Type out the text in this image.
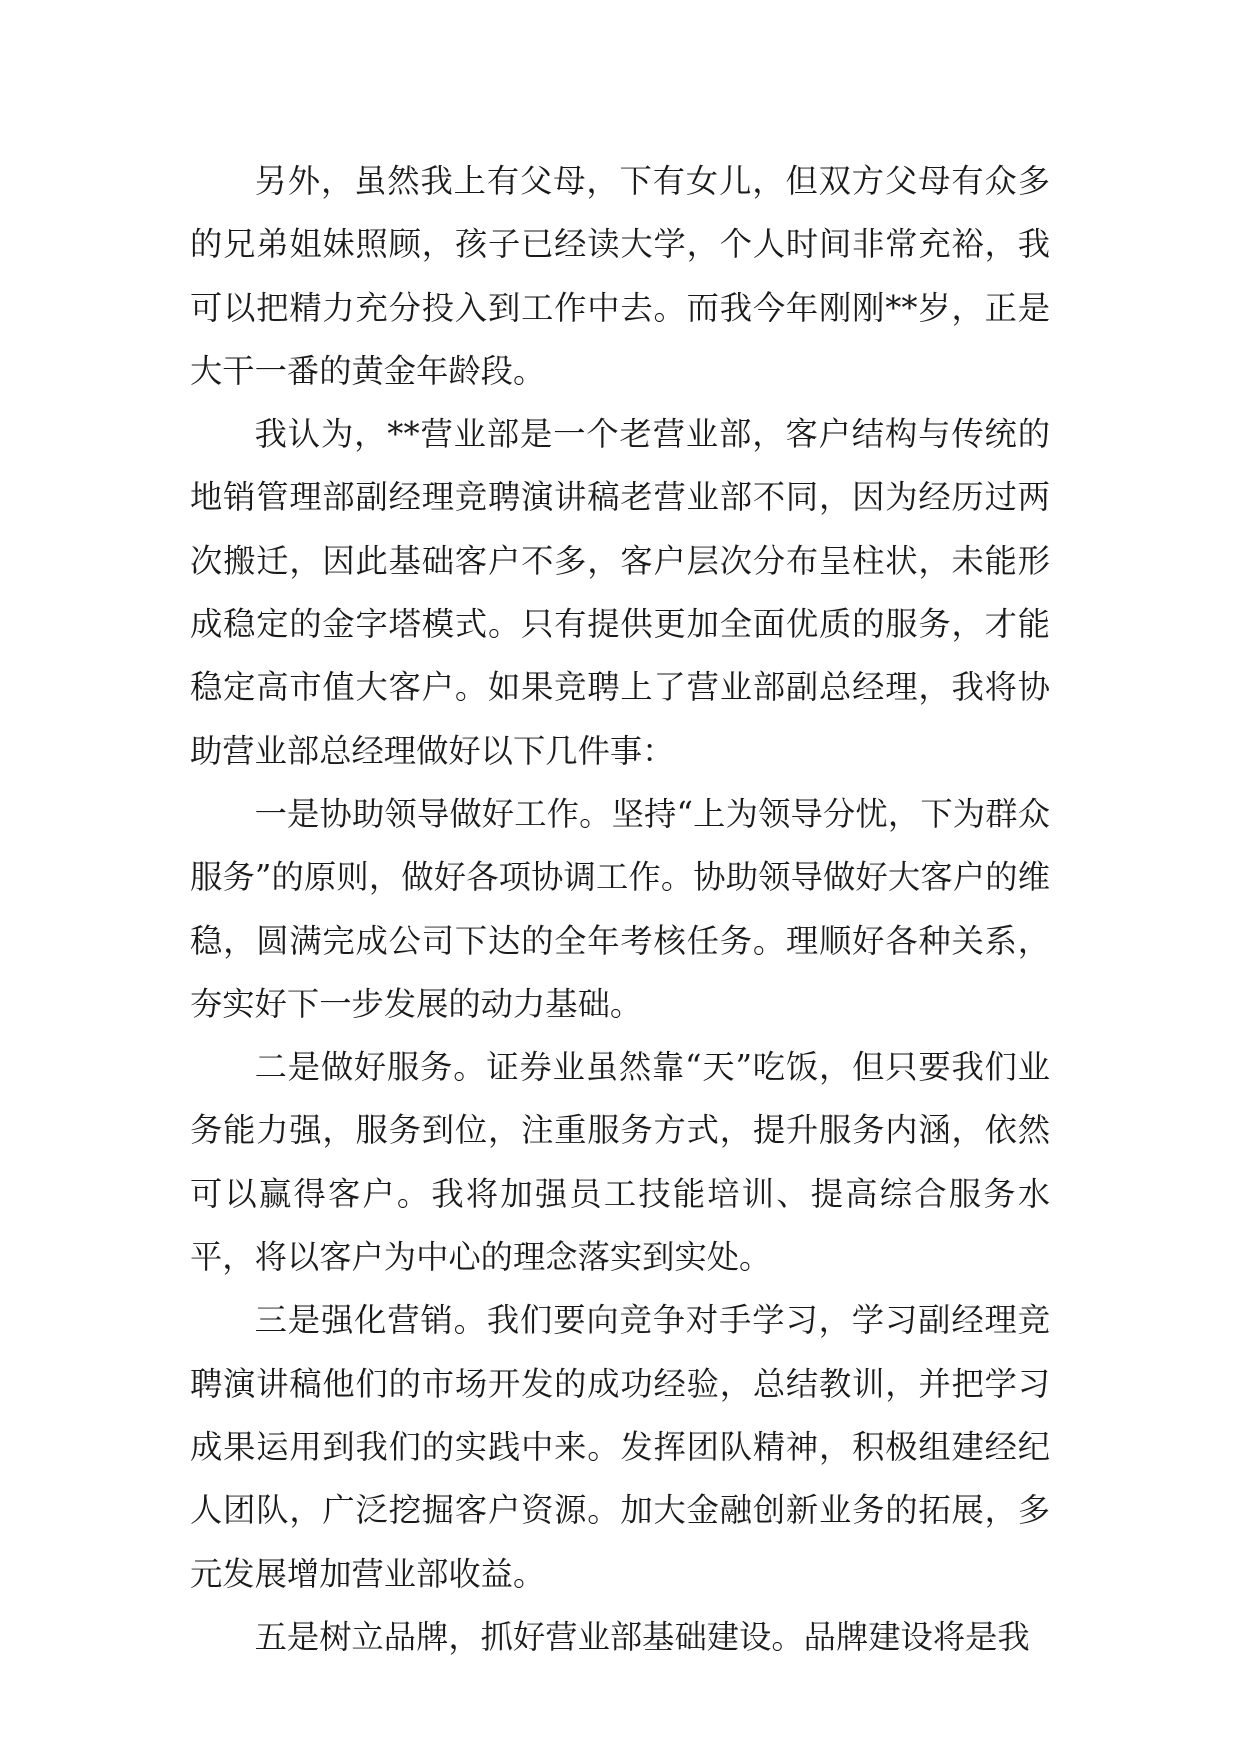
另外，虽然我上有父母，下有女儿，但双方父母有众多的兄弟姐妹照顾，孩子已经读大学，个人时间非常充裕，我可以把精力充分投入到工作中去。而我今年刚刚**岁，正是大干一番的黄金年龄段。

我认为，**营业部是一个老营业部，客户结构与传统的地销管理部副经理竞聘演讲稿老营业部不同，因为经历过两次搬迁，因此基础客户不多，客户层次分布呈柱状，未能形成稳定的金字塔模式。只有提供更加全面优质的服务，才能稳定高市值大客户。如果竞聘上了营业部副总经理，我将协助营业部总经理做好以下几件事：

一是协助领导做好工作。坚持“上为领导分忧，下为群众服务”的原则，做好各项协调工作。协助领导做好大客户的维稳，圆满完成公司下达的全年考核任务。理顺好各种关系，夯实好下一步发展的动力基础。

二是做好服务。证券业虽然靠“天”吃饭，但只要我们业务能力强，服务到位，注重服务方式，提升服务内涵，依然可以赢得客户。我将加强员工技能培训、提高综合服务水平，将以客户为中心的理念落实到实处。

三是强化营销。我们要向竞争对手学习，学习副经理竞聘演讲稿他们的市场开发的成功经验，总结教训，并把学习成果运用到我们的实践中来。发挥团队精神，积极组建经纪人团队，广泛挖掘客户资源。加大金融创新业务的拓展，多元发展增加营业部收益。

五是树立品牌，抓好营业部基础建设。品牌建设将是我
